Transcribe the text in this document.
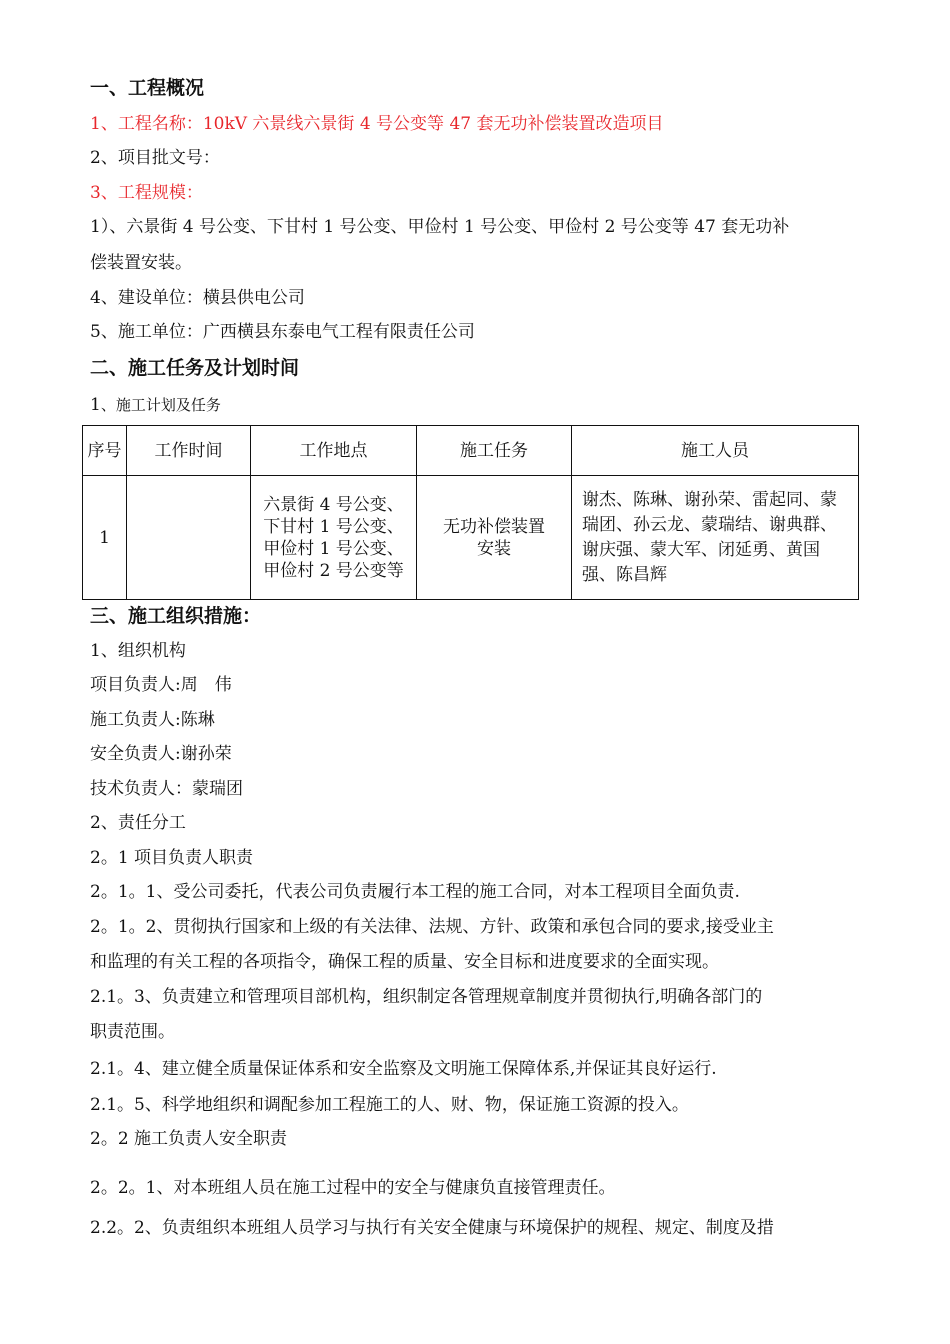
一、工程概况
1、工程名称：10kV 六景线六景街 4 号公变等 47 套无功补偿装置改造项目
2、项目批文号：
3、工程规模：
1）、六景街 4 号公变、下甘村 1 号公变、甲俭村 1 号公变、甲俭村 2 号公变等 47 套无功补
偿装置安装。
4、建设单位：横县供电公司
5、施工单位：广西横县东泰电气工程有限责任公司
二、施工任务及计划时间
1、施工计划及任务
序号	工作时间	工作地点	施工任务	施工人员
1		六景街 4 号公变、下甘村 1 号公变、甲俭村 1 号公变、甲俭村 2 号公变等	无功补偿装置安装	谢杰、陈琳、谢孙荣、雷起同、蒙瑞团、孙云龙、蒙瑞结、谢典群、谢庆强、蒙大军、闭延勇、黄国强、陈昌辉
三、施工组织措施：
1、组织机构
项目负责人:周　伟
施工负责人:陈琳
安全负责人:谢孙荣
技术负责人：蒙瑞团
2、责任分工
2。1 项目负责人职责
2。1。1、受公司委托，代表公司负责履行本工程的施工合同，对本工程项目全面负责.
2。1。2、贯彻执行国家和上级的有关法律、法规、方针、政策和承包合同的要求,接受业主
和监理的有关工程的各项指令，确保工程的质量、安全目标和进度要求的全面实现。
2.1。3、负责建立和管理项目部机构，组织制定各管理规章制度并贯彻执行,明确各部门的
职责范围。
2.1。4、建立健全质量保证体系和安全监察及文明施工保障体系,并保证其良好运行.
2.1。5、科学地组织和调配参加工程施工的人、财、物，保证施工资源的投入。
2。2 施工负责人安全职责
2。2。1、对本班组人员在施工过程中的安全与健康负直接管理责任。
2.2。2、负责组织本班组人员学习与执行有关安全健康与环境保护的规程、规定、制度及措
